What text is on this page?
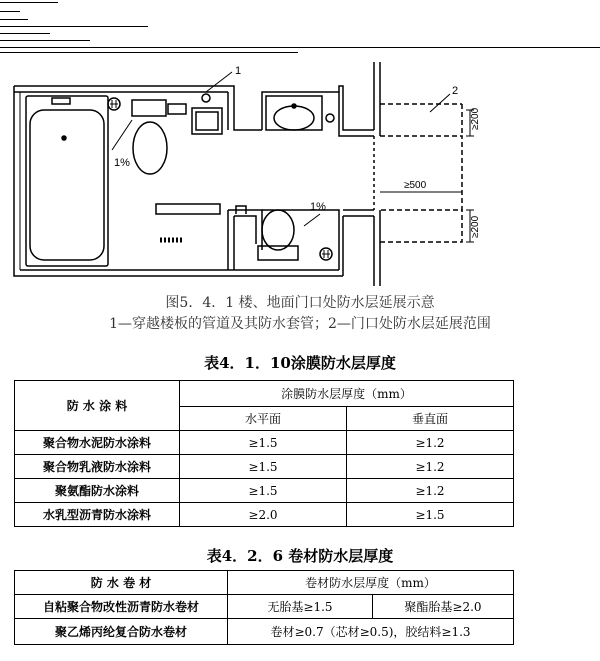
1
2
1%
1%
≥200
≥500
≥200
图5．4．1 楼、地面门口处防水层延展示意
1—穿越楼板的管道及其防水套管；2—门口处防水层延展范围
表4．1．10涂膜防水层厚度
防 水 涂 料	涂膜防水层厚度（mm）	
	水平面	垂直面
聚合物水泥防水涂料	≥1.5	≥1.2
聚合物乳液防水涂料	≥1.5	≥1.2
聚氨酯防水涂料	≥1.5	≥1.2
水乳型沥青防水涂料	≥2.0	≥1.5
表4．2．6 卷材防水层厚度
防 水 卷 材	卷材防水层厚度（mm）	
自粘聚合物改性沥青防水卷材	无胎基≥1.5	聚酯胎基≥2.0
聚乙烯丙纶复合防水卷材	卷材≥0.7（芯材≥0.5)，胶结料≥1.3	
